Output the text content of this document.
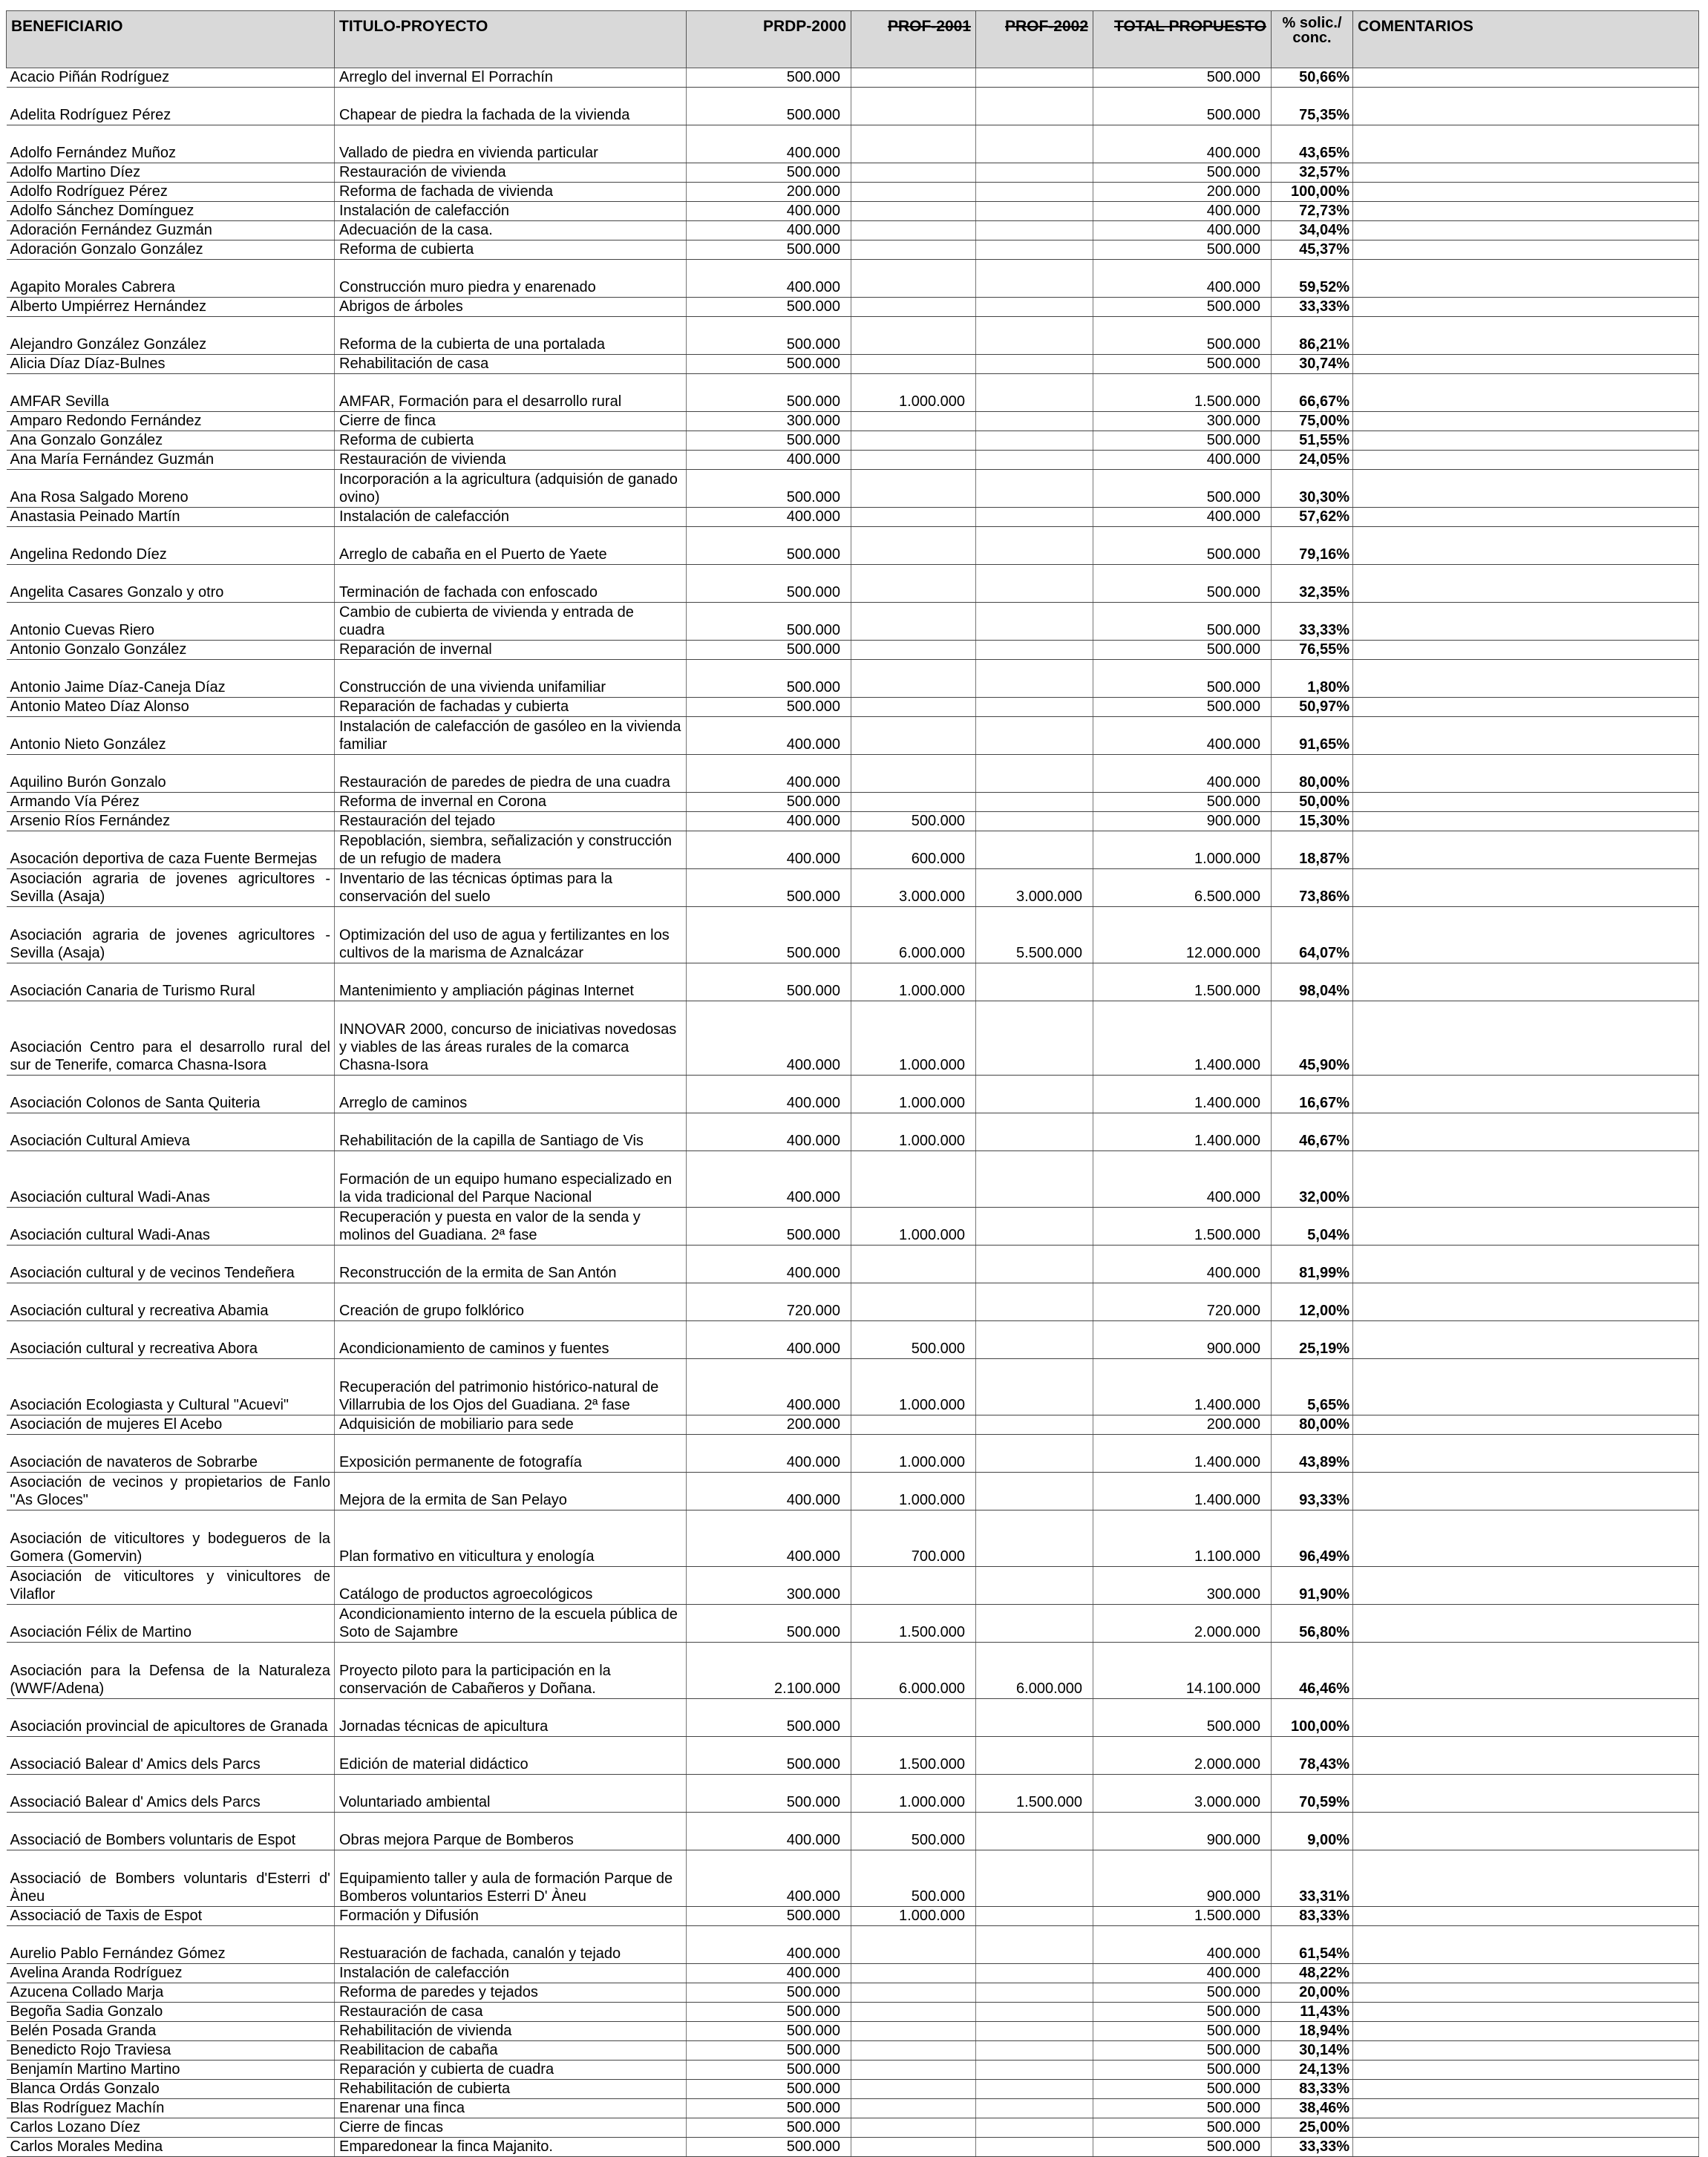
BENEFICIARIO	TITULO-PROYECTO	PRDP-2000	PROF-2001	PROF-2002	TOTAL PROPUESTO	% solic./ conc.	COMENTARIOS
Acacio Piñán Rodríguez	Arreglo del invernal El Porrachín	500.000			500.000	50,66%	
Adelita Rodríguez Pérez	Chapear de piedra la fachada de la vivienda	500.000			500.000	75,35%	
Adolfo Fernández Muñoz	Vallado de piedra en vivienda particular	400.000			400.000	43,65%	
Adolfo Martino Díez	Restauración de vivienda	500.000			500.000	32,57%	
Adolfo Rodríguez Pérez	Reforma de fachada de vivienda	200.000			200.000	100,00%	
Adolfo Sánchez Domínguez	Instalación de calefacción	400.000			400.000	72,73%	
Adoración Fernández Guzmán	Adecuación de la casa.	400.000			400.000	34,04%	
Adoración Gonzalo González	Reforma de cubierta	500.000			500.000	45,37%	
Agapito Morales Cabrera	Construcción muro piedra y enarenado	400.000			400.000	59,52%	
Alberto Umpiérrez Hernández	Abrigos de árboles	500.000			500.000	33,33%	
Alejandro González González	Reforma de la cubierta de una portalada	500.000			500.000	86,21%	
Alicia Díaz Díaz-Bulnes	Rehabilitación de casa	500.000			500.000	30,74%	
AMFAR Sevilla	AMFAR, Formación para el desarrollo rural	500.000	1.000.000		1.500.000	66,67%	
Amparo Redondo Fernández	Cierre de finca	300.000			300.000	75,00%	
Ana Gonzalo González	Reforma de cubierta	500.000			500.000	51,55%	
Ana María Fernández Guzmán	Restauración de vivienda	400.000			400.000	24,05%	
Ana Rosa Salgado Moreno	Incorporación a la agricultura (adquisión de ganado ovino)	500.000			500.000	30,30%	
Anastasia Peinado Martín	Instalación de calefacción	400.000			400.000	57,62%	
Angelina Redondo Díez	Arreglo de cabaña en el Puerto de Yaete	500.000			500.000	79,16%	
Angelita Casares Gonzalo y otro	Terminación de fachada con enfoscado	500.000			500.000	32,35%	
Antonio Cuevas Riero	Cambio de cubierta de vivienda y entrada de cuadra	500.000			500.000	33,33%	
Antonio Gonzalo González	Reparación de invernal	500.000			500.000	76,55%	
Antonio Jaime Díaz-Caneja Díaz	Construcción de una vivienda unifamiliar	500.000			500.000	1,80%	
Antonio Mateo Díaz Alonso	Reparación de fachadas y cubierta	500.000			500.000	50,97%	
Antonio Nieto González	Instalación de calefacción de gasóleo en la vivienda familiar	400.000			400.000	91,65%	
Aquilino Burón Gonzalo	Restauración de paredes de piedra de una cuadra	400.000			400.000	80,00%	
Armando Vía Pérez	Reforma de invernal en Corona	500.000			500.000	50,00%	
Arsenio Ríos Fernández	Restauración del tejado	400.000	500.000		900.000	15,30%	
Asocación deportiva de caza Fuente Bermejas	Repoblación, siembra, señalización y construcción de un refugio de madera	400.000	600.000		1.000.000	18,87%	
Asociación agraria de jovenes agricultores - Sevilla (Asaja)	Inventario de las técnicas óptimas para la conservación del suelo	500.000	3.000.000	3.000.000	6.500.000	73,86%	
Asociación agraria de jovenes agricultores - Sevilla (Asaja)	Optimización del uso de agua y fertilizantes en los cultivos de la marisma de Aznalcázar	500.000	6.000.000	5.500.000	12.000.000	64,07%	
Asociación Canaria de Turismo Rural	Mantenimiento y ampliación páginas Internet	500.000	1.000.000		1.500.000	98,04%	
Asociación Centro para el desarrollo rural del sur de Tenerife, comarca Chasna-Isora	INNOVAR 2000, concurso de iniciativas novedosas y viables de las áreas rurales de la comarca Chasna-Isora	400.000	1.000.000		1.400.000	45,90%	
Asociación Colonos de Santa Quiteria	Arreglo de caminos	400.000	1.000.000		1.400.000	16,67%	
Asociación Cultural Amieva	Rehabilitación de la capilla de Santiago de Vis	400.000	1.000.000		1.400.000	46,67%	
Asociación cultural Wadi-Anas	Formación de un equipo humano especializado en la vida tradicional del Parque Nacional	400.000			400.000	32,00%	
Asociación cultural Wadi-Anas	Recuperación y puesta en valor de la senda y molinos del Guadiana. 2ª fase	500.000	1.000.000		1.500.000	5,04%	
Asociación cultural y de vecinos Tendeñera	Reconstrucción de la ermita de San Antón	400.000			400.000	81,99%	
Asociación cultural y recreativa Abamia	Creación de grupo folklórico	720.000			720.000	12,00%	
Asociación cultural y recreativa Abora	Acondicionamiento de caminos y fuentes	400.000	500.000		900.000	25,19%	
Asociación Ecologiasta y Cultural "Acuevi"	Recuperación del patrimonio histórico-natural de Villarrubia de los Ojos del Guadiana. 2ª fase	400.000	1.000.000		1.400.000	5,65%	
Asociación de mujeres El Acebo	Adquisición de mobiliario para sede	200.000			200.000	80,00%	
Asociación de navateros de Sobrarbe	Exposición permanente de fotografía	400.000	1.000.000		1.400.000	43,89%	
Asociación de vecinos y propietarios de Fanlo "As Gloces"	Mejora de la ermita de San Pelayo	400.000	1.000.000		1.400.000	93,33%	
Asociación de viticultores y bodegueros de la Gomera (Gomervin)	Plan formativo en viticultura y enología	400.000	700.000		1.100.000	96,49%	
Asociación de viticultores y vinicultores de Vilaflor	Catálogo de productos agroecológicos	300.000			300.000	91,90%	
Asociación Félix de Martino	Acondicionamiento interno de la escuela pública de Soto de Sajambre	500.000	1.500.000		2.000.000	56,80%	
Asociación para la Defensa de la Naturaleza (WWF/Adena)	Proyecto piloto para la participación en la conservación de Cabañeros y Doñana.	2.100.000	6.000.000	6.000.000	14.100.000	46,46%	
Asociación provincial de apicultores de Granada	Jornadas técnicas de apicultura	500.000			500.000	100,00%	
Associació Balear d' Amics dels Parcs	Edición de material didáctico	500.000	1.500.000		2.000.000	78,43%	
Associació Balear d' Amics dels Parcs	Voluntariado ambiental	500.000	1.000.000	1.500.000	3.000.000	70,59%	
Associació de Bombers voluntaris de Espot	Obras mejora Parque de Bomberos	400.000	500.000		900.000	9,00%	
Associació de Bombers voluntaris d'Esterri d' Àneu	Equipamiento taller y aula de formación Parque de Bomberos voluntarios Esterri D' Àneu	400.000	500.000		900.000	33,31%	
Associació de Taxis de Espot	Formación y Difusión	500.000	1.000.000		1.500.000	83,33%	
Aurelio Pablo Fernández Gómez	Restuaración de fachada, canalón y tejado	400.000			400.000	61,54%	
Avelina Aranda Rodríguez	Instalación de calefacción	400.000			400.000	48,22%	
Azucena Collado Marja	Reforma de paredes y tejados	500.000			500.000	20,00%	
Begoña Sadia Gonzalo	Restauración de casa	500.000			500.000	11,43%	
Belén Posada Granda	Rehabilitación de vivienda	500.000			500.000	18,94%	
Benedicto Rojo Traviesa	Reabilitacion de cabaña	500.000			500.000	30,14%	
Benjamín Martino Martino	Reparación y cubierta de cuadra	500.000			500.000	24,13%	
Blanca Ordás Gonzalo	Rehabilitación de cubierta	500.000			500.000	83,33%	
Blas Rodríguez Machín	Enarenar una finca	500.000			500.000	38,46%	
Carlos Lozano Díez	Cierre de fincas	500.000			500.000	25,00%	
Carlos Morales Medina	Emparedonear la finca Majanito.	500.000			500.000	33,33%	
